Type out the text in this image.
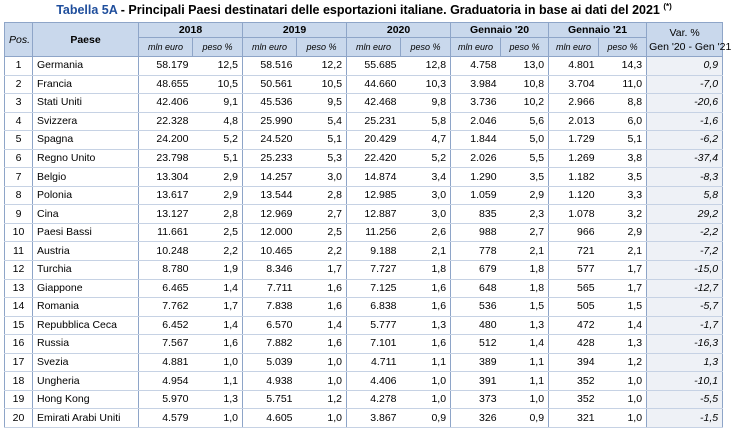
Tabella 5A - Principali Paesi destinatari delle esportazioni italiane. Graduatoria in base ai dati del 2021 (*)
Pos.	Paese	2018		2019		2020		Gennaio '20		Gennaio '21		Var. %
Gen '20 - Gen '21
		mln euro	peso %	mln euro	peso %	mln euro	peso %	mln euro	peso %	mln euro	peso %	
1	Germania	58.179	12,5	58.516	12,2	55.685	12,8	4.758	13,0	4.801	14,3	0,9
2	Francia	48.655	10,5	50.561	10,5	44.660	10,3	3.984	10,8	3.704	11,0	-7,0
3	Stati Uniti	42.406	9,1	45.536	9,5	42.468	9,8	3.736	10,2	2.966	8,8	-20,6
4	Svizzera	22.328	4,8	25.990	5,4	25.231	5,8	2.046	5,6	2.013	6,0	-1,6
5	Spagna	24.200	5,2	24.520	5,1	20.429	4,7	1.844	5,0	1.729	5,1	-6,2
6	Regno Unito	23.798	5,1	25.233	5,3	22.420	5,2	2.026	5,5	1.269	3,8	-37,4
7	Belgio	13.304	2,9	14.257	3,0	14.874	3,4	1.290	3,5	1.182	3,5	-8,3
8	Polonia	13.617	2,9	13.544	2,8	12.985	3,0	1.059	2,9	1.120	3,3	5,8
9	Cina	13.127	2,8	12.969	2,7	12.887	3,0	835	2,3	1.078	3,2	29,2
10	Paesi Bassi	11.661	2,5	12.000	2,5	11.256	2,6	988	2,7	966	2,9	-2,2
11	Austria	10.248	2,2	10.465	2,2	9.188	2,1	778	2,1	721	2,1	-7,2
12	Turchia	8.780	1,9	8.346	1,7	7.727	1,8	679	1,8	577	1,7	-15,0
13	Giappone	6.465	1,4	7.711	1,6	7.125	1,6	648	1,8	565	1,7	-12,7
14	Romania	7.762	1,7	7.838	1,6	6.838	1,6	536	1,5	505	1,5	-5,7
15	Repubblica Ceca	6.452	1,4	6.570	1,4	5.777	1,3	480	1,3	472	1,4	-1,7
16	Russia	7.567	1,6	7.882	1,6	7.101	1,6	512	1,4	428	1,3	-16,3
17	Svezia	4.881	1,0	5.039	1,0	4.711	1,1	389	1,1	394	1,2	1,3
18	Ungheria	4.954	1,1	4.938	1,0	4.406	1,0	391	1,1	352	1,0	-10,1
19	Hong Kong	5.970	1,3	5.751	1,2	4.278	1,0	373	1,0	352	1,0	-5,5
20	Emirati Arabi Uniti	4.579	1,0	4.605	1,0	3.867	0,9	326	0,9	321	1,0	-1,5
